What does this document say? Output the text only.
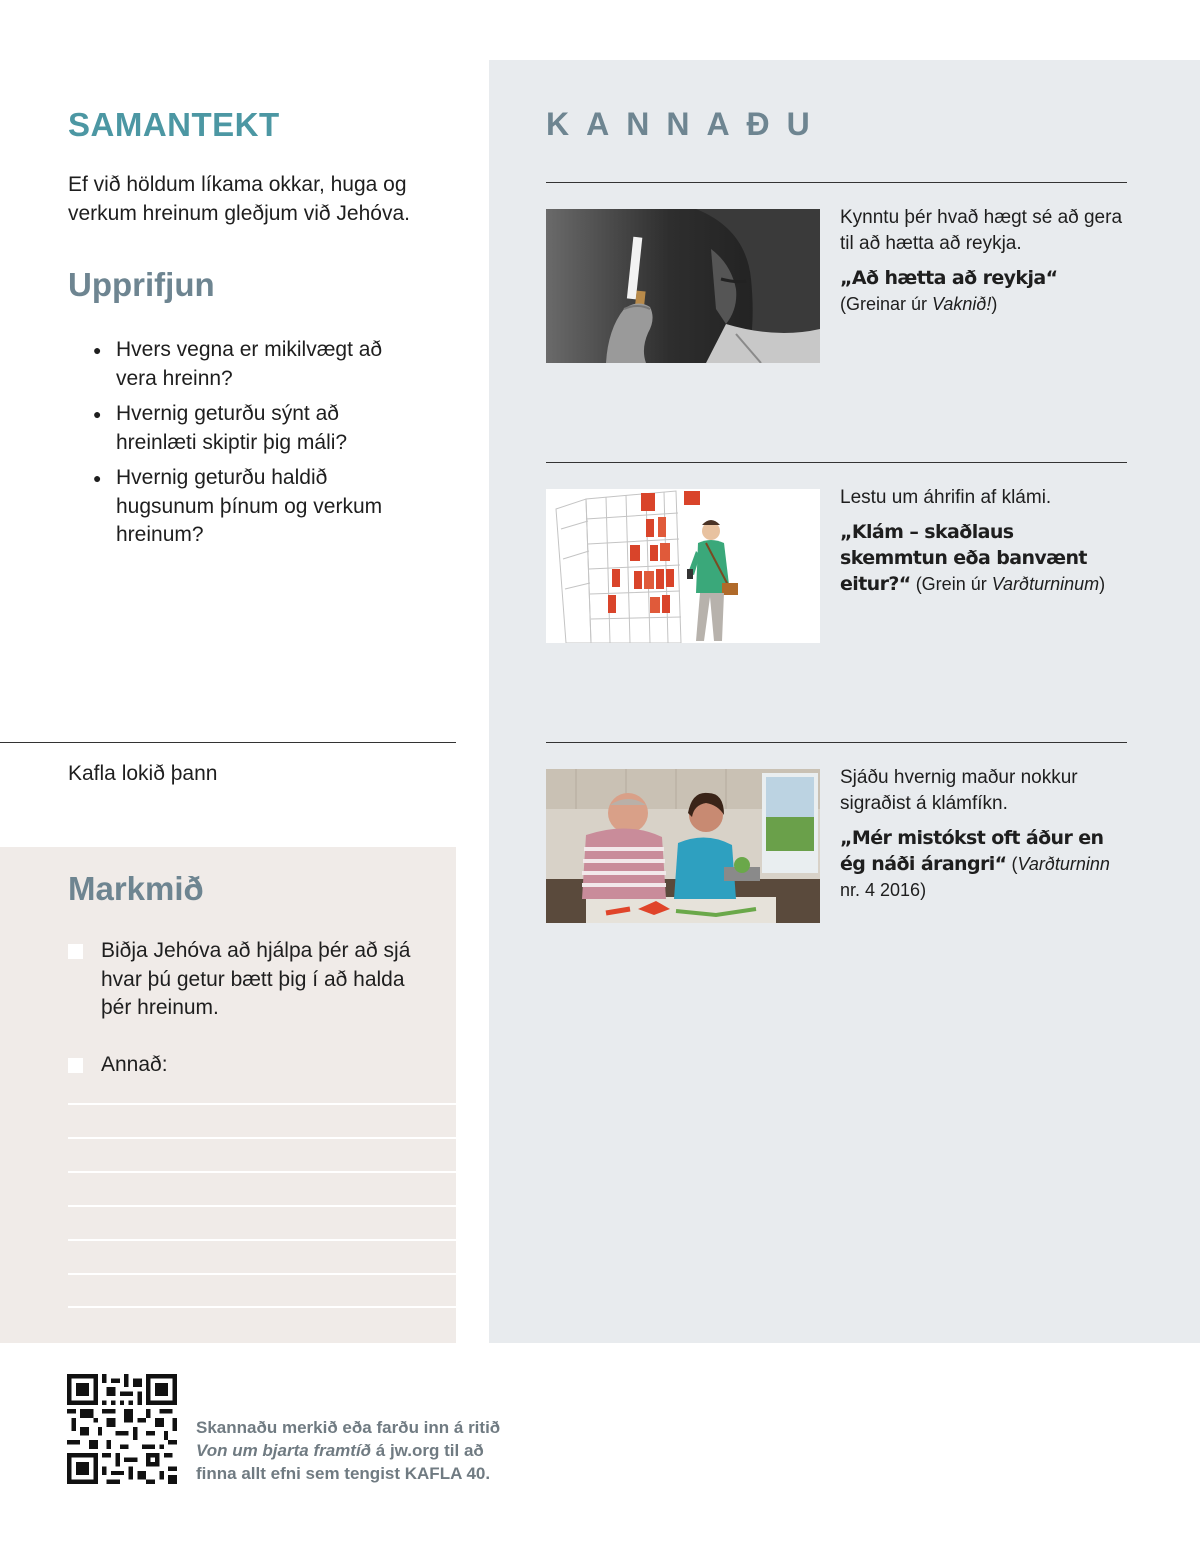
SAMANTEKT

Ef við höldum líkama okkar, huga og verkum hreinum gleðjum við Jehóva.

Upprifjun
● Hvers vegna er mikilvægt að vera hreinn?
● Hvernig geturðu sýnt að hreinlæti skiptir þig máli?
● Hvernig geturðu haldið hugsunum þínum og verkum hreinum?
Kafla lokið þann
Markmið
Biðja Jehóva að hjálpa þér að sjá hvar þú getur bætt þig í að halda þér hreinum.
Annað:
KANNAÐU
Kynntu þér hvað hægt sé að gera til að hætta að reykja.
„Að hætta að reykja“ (Greinar úr Vaknið!)
Lestu um áhrifin af klámi.
„Klám – skaðlaus skemmtun eða banvænt eitur?“ (Grein úr Varðturninum)
Sjáðu hvernig maður nokkur sigraðist á klámfíkn.
„Mér mistókst oft áður en ég náði árangri“ (Varðturninn nr. 4 2016)

Skannaðu merkið eða farðu inn á ritið Von um bjarta framtíð á jw.org til að finna allt efni sem tengist KAFLA 40.
